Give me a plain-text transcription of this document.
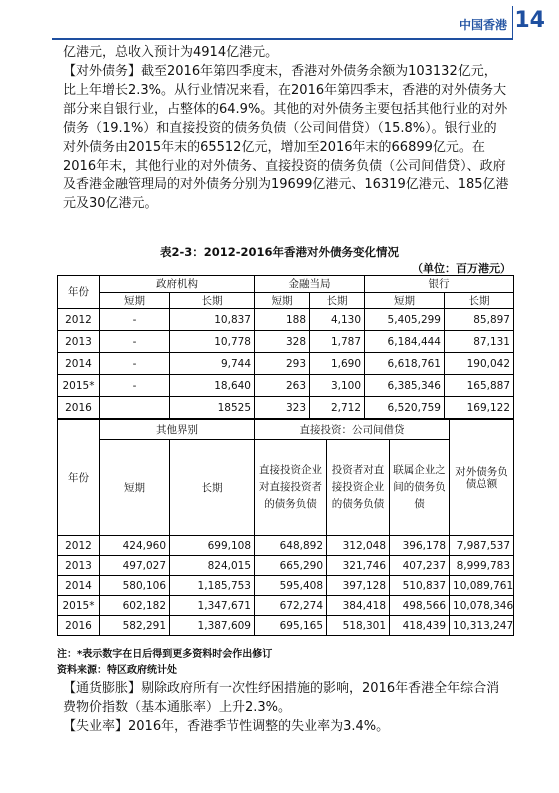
中国香港 14

亿港元，总收入预计为4914亿港元。

【对外债务】截至2016年第四季度末，香港对外债务余额为103132亿元，比上年增长2.3%。从行业情况来看，在2016年第四季末，香港的对外债务大部分来自银行业，占整体的64.9%。其他的对外债务主要包括其他行业的对外债务（19.1%）和直接投资的债务负债（公司间借贷）（15.8%）。银行业的对外债务由2015年末的65512亿元，增加至2016年末的66899亿元。在2016年末，其他行业的对外债务、直接投资的债务负债（公司间借贷）、政府及香港金融管理局的对外债务分别为19699亿港元、16319亿港元、185亿港元及30亿港元。

表2-3：2012-2016年香港对外债务变化情况
（单位：百万港元）
年份	政府机构		金融当局		银行	
	短期	长期	短期	长期	短期	长期
2012	-	10,837	188	4,130	5,405,299	85,897
2013	-	10,778	328	1,787	6,184,444	87,131
2014	-	9,744	293	1,690	6,618,761	190,042
2015*	-	18,640	263	3,100	6,385,346	165,887
2016		18525	323	2,712	6,520,759	169,122
年份	其他界别		直接投资：公司间借贷			对外债务负债总额
	短期	长期	直接投资企业对直接投资者的债务负债	投资者对直接投资企业的债务负债	联属企业之间的债务负债	
2012	424,960	699,108	648,892	312,048	396,178	7,987,537
2013	497,027	824,015	665,290	321,746	407,237	8,999,783
2014	580,106	1,185,753	595,408	397,128	510,837	10,089,761
2015*	602,182	1,347,671	672,274	384,418	498,566	10,078,346
2016	582,291	1,387,609	695,165	518,301	418,439	10,313,247
注：*表示数字在日后得到更多资料时会作出修订
资料来源：特区政府统计处

【通货膨胀】剔除政府所有一次性纾困措施的影响，2016年香港全年综合消费物价指数（基本通胀率）上升2.3%。

【失业率】2016年，香港季节性调整的失业率为3.4%。
